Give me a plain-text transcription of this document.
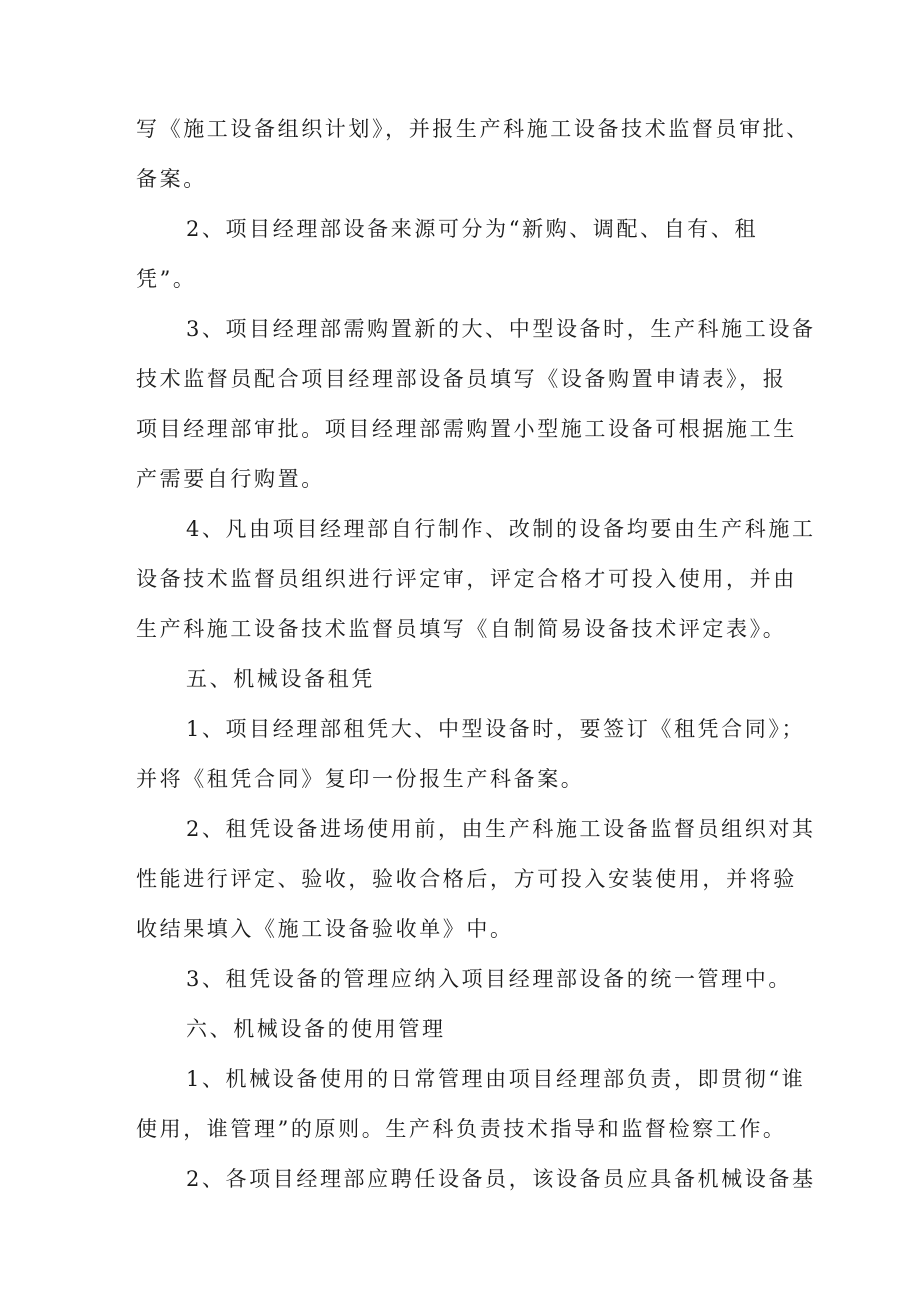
写《施工设备组织计划》，并报生产科施工设备技术监督员审批、
备案。
2、项目经理部设备来源可分为“新购、调配、自有、租
凭”。
3、项目经理部需购置新的大、中型设备时，生产科施工设备
技术监督员配合项目经理部设备员填写《设备购置申请表》，报
项目经理部审批。项目经理部需购置小型施工设备可根据施工生
产需要自行购置。
4、凡由项目经理部自行制作、改制的设备均要由生产科施工
设备技术监督员组织进行评定审，评定合格才可投入使用，并由
生产科施工设备技术监督员填写《自制简易设备技术评定表》。
五、机械设备租凭
1、项目经理部租凭大、中型设备时，要签订《租凭合同》；
并将《租凭合同》复印一份报生产科备案。
2、租凭设备进场使用前，由生产科施工设备监督员组织对其
性能进行评定、验收，验收合格后，方可投入安装使用，并将验
收结果填入《施工设备验收单》中。
3、租凭设备的管理应纳入项目经理部设备的统一管理中。
六、机械设备的使用管理
1、机械设备使用的日常管理由项目经理部负责，即贯彻“谁
使用，谁管理”的原则。生产科负责技术指导和监督检察工作。
2、各项目经理部应聘任设备员，该设备员应具备机械设备基
